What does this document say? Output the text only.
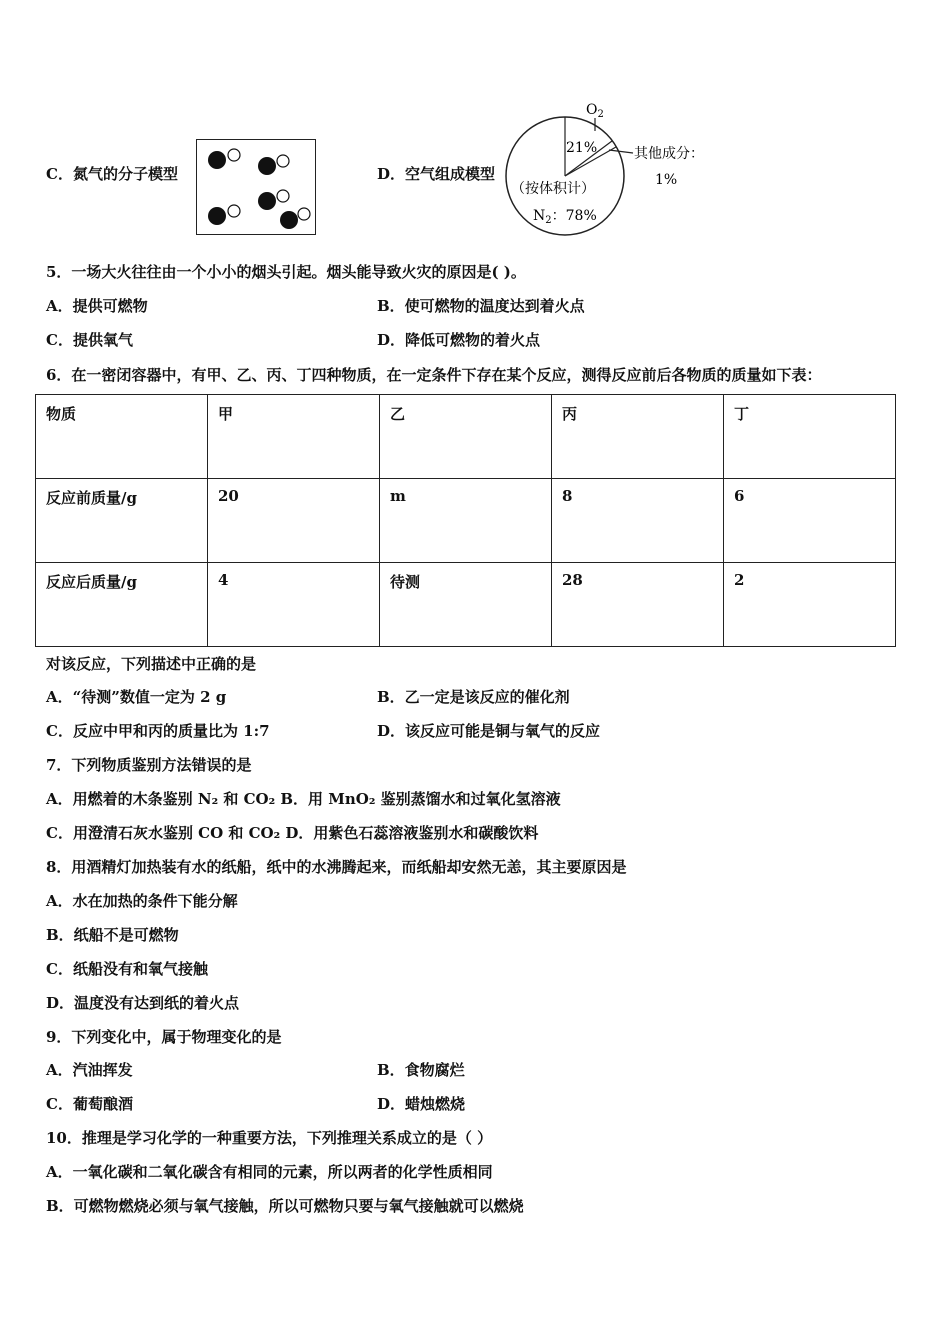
C．氮气的分子模型	D．空气组成模型
$O_2$
21%	其他成分：
1%
（按体积计）
$N_2$：78%
5．一场大火往往由一个小小的烟头引起。烟头能导致火灾的原因是( )。
A．提供可燃物	B．使可燃物的温度达到着火点
C．提供氧气	D．降低可燃物的着火点
6．在一密闭容器中，有甲、乙、丙、丁四种物质，在一定条件下存在某个反应，测得反应前后各物质的质量如下表：
物质	甲	乙	丙	丁
反应前质量/g	20	m	8	6
反应后质量/g	4	待测	28	2
对该反应，下列描述中正确的是
A．“待测”数值一定为 2 g	B．乙一定是该反应的催化剂
C．反应中甲和丙的质量比为 1:7	D．该反应可能是铜与氧气的反应
7．下列物质鉴别方法错误的是
A．用燃着的木条鉴别 N₂ 和 CO₂ B．用 MnO₂ 鉴别蒸馏水和过氧化氢溶液
C．用澄清石灰水鉴别 CO 和 CO₂ D．用紫色石蕊溶液鉴别水和碳酸饮料
8．用酒精灯加热装有水的纸船，纸中的水沸腾起来，而纸船却安然无恙，其主要原因是
A．水在加热的条件下能分解
B．纸船不是可燃物
C．纸船没有和氧气接触
D．温度没有达到纸的着火点
9．下列变化中，属于物理变化的是
A．汽油挥发	B．食物腐烂
C．葡萄酿酒	D．蜡烛燃烧
10．推理是学习化学的一种重要方法，下列推理关系成立的是（ ）
A．一氧化碳和二氧化碳含有相同的元素，所以两者的化学性质相同
B．可燃物燃烧必须与氧气接触，所以可燃物只要与氧气接触就可以燃烧
